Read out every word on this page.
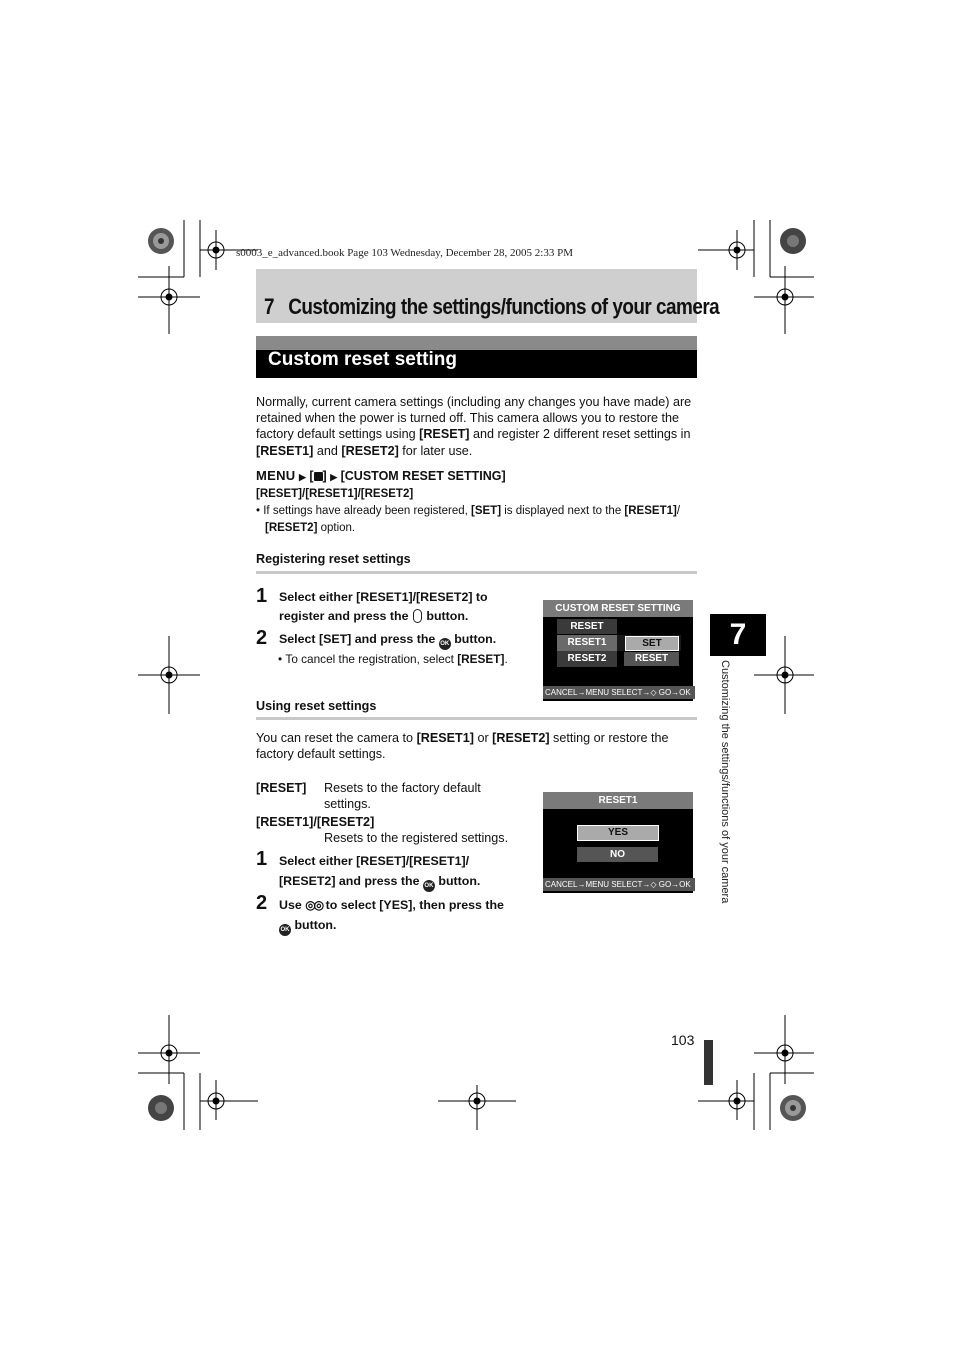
s0003_e_advanced.book Page 103 Wednesday, December 28, 2005 2:33 PM
7 Customizing the settings/functions of your camera
Custom reset setting
Normally, current camera settings (including any changes you have made) are retained when the power is turned off. This camera allows you to restore the factory default settings using [RESET] and register 2 different reset settings in [RESET1] and [RESET2] for later use.
MENU ▶ [ ] ▶ [CUSTOM RESET SETTING]
[RESET]/[RESET1]/[RESET2]
• If settings have already been registered, [SET] is displayed next to the [RESET1]/
[RESET2] option.
Registering reset settings
1 Select either [RESET1]/[RESET2] to
register and press the button.
2 Select [SET] and press the OK button.
• To cancel the registration, select [RESET].
CUSTOM RESET SETTING
RESET
RESET1
RESET2
SET
RESET
CANCEL→MENU SELECT→◇ GO→OK
Using reset settings
You can reset the camera to [RESET1] or [RESET2] setting or restore the factory default settings.
[RESET] Resets to the factory default
settings.
[RESET1]/[RESET2]
Resets to the registered settings.
1 Select either [RESET]/[RESET1]/
[RESET2] and press the OK button.
2 Use ◎◎ to select [YES], then press the
OK button.
RESET1
YES
NO
CANCEL→MENU SELECT→◇ GO→OK
7
Customizing the settings/functions of your camera
103
